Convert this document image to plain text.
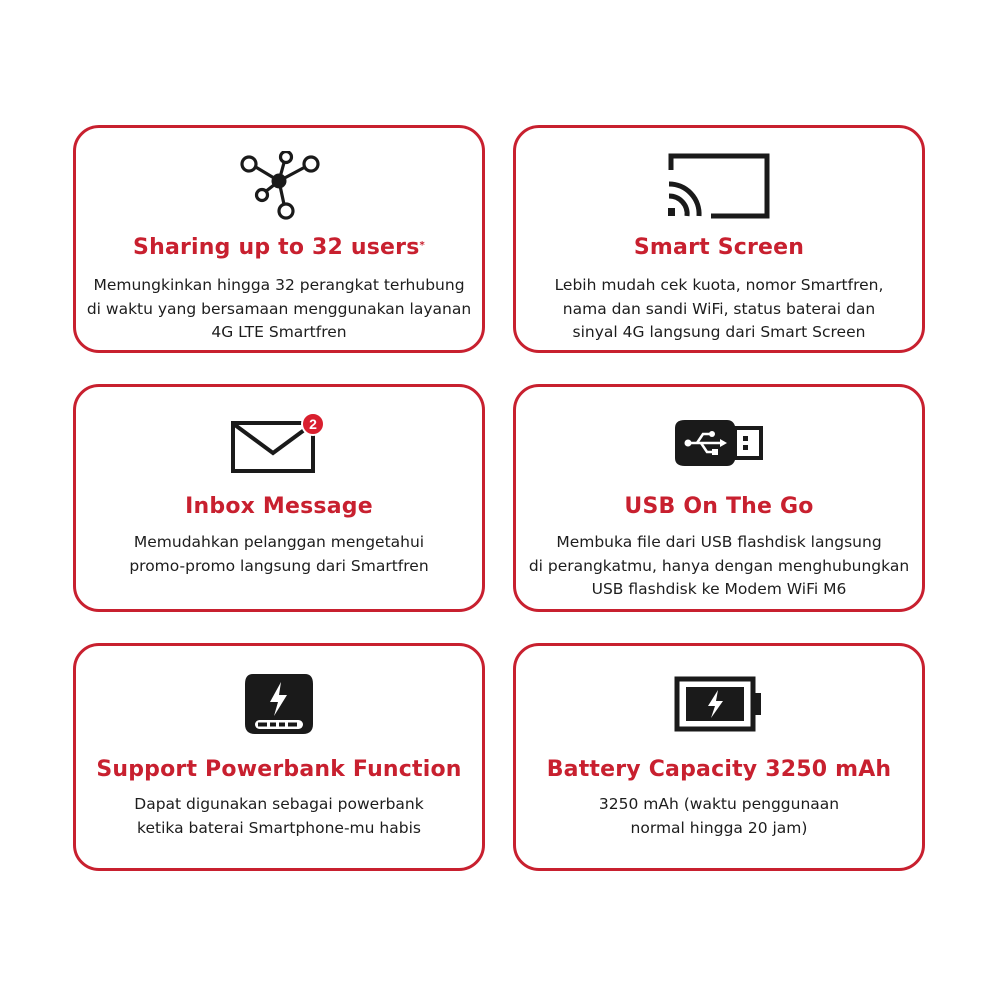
Sharing up to 32 users*

Memungkinkan hingga 32 perangkat terhubung
di waktu yang bersamaan menggunakan layanan
4G LTE Smartfren

Smart Screen

Lebih mudah cek kuota, nomor Smartfren,
nama dan sandi WiFi, status baterai dan
sinyal 4G langsung dari Smart Screen

2
Inbox Message

Memudahkan pelanggan mengetahui
promo-promo langsung dari Smartfren

USB On The Go

Membuka file dari USB flashdisk langsung
di perangkatmu, hanya dengan menghubungkan
USB flashdisk ke Modem WiFi M6

Support Powerbank Function

Dapat digunakan sebagai powerbank
ketika baterai Smartphone-mu habis

Battery Capacity 3250 mAh

3250 mAh (waktu penggunaan
normal hingga 20 jam)
